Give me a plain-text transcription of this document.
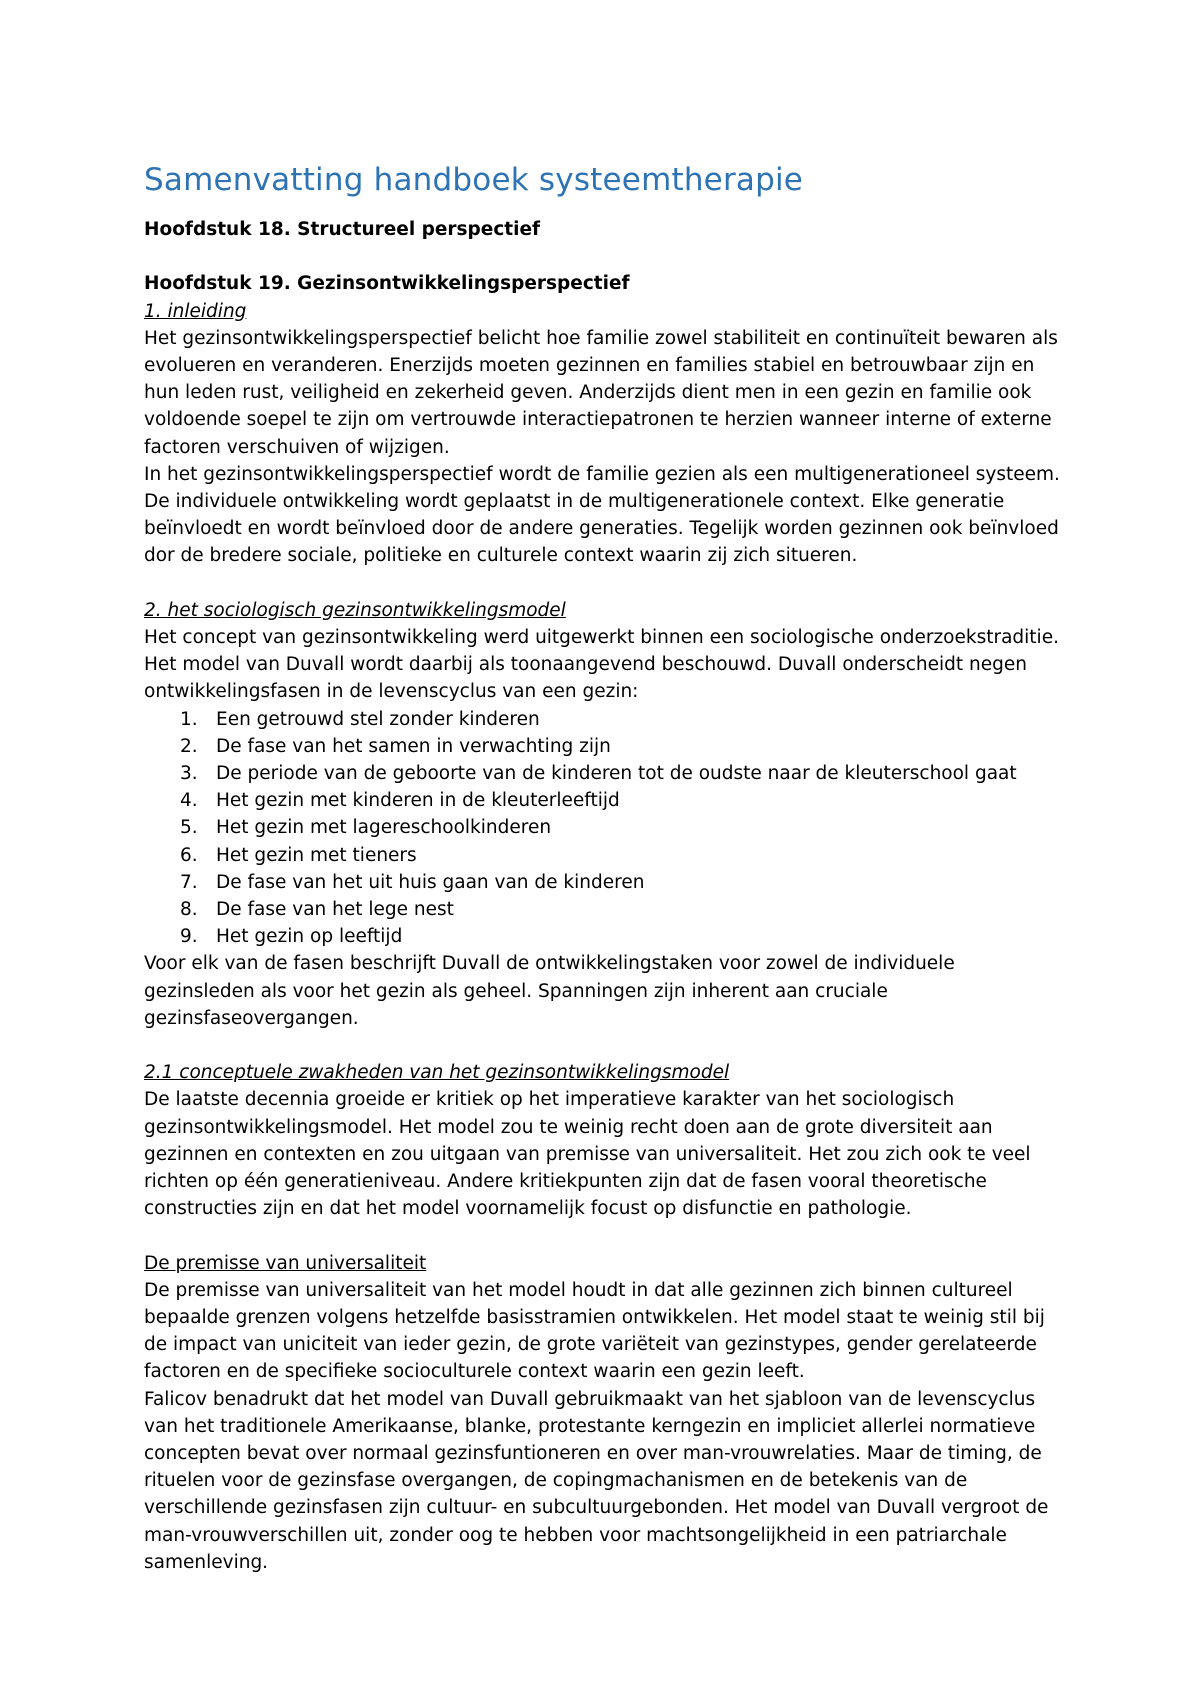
Samenvatting handboek systeemtherapie

Hoofdstuk 18. Structureel perspectief

Hoofdstuk 19. Gezinsontwikkelingsperspectief

1. inleiding

Het gezinsontwikkelingsperspectief belicht hoe familie zowel stabiliteit en continuïteit bewaren als evolueren en veranderen. Enerzijds moeten gezinnen en families stabiel en betrouwbaar zijn en hun leden rust, veiligheid en zekerheid geven. Anderzijds dient men in een gezin en familie ook voldoende soepel te zijn om vertrouwde interactiepatronen te herzien wanneer interne of externe factoren verschuiven of wijzigen.

In het gezinsontwikkelingsperspectief wordt de familie gezien als een multigenerationeel systeem. De individuele ontwikkeling wordt geplaatst in de multigenerationele context. Elke generatie beïnvloedt en wordt beïnvloed door de andere generaties. Tegelijk worden gezinnen ook beïnvloed dor de bredere sociale, politieke en culturele context waarin zij zich situeren.

2. het sociologisch gezinsontwikkelingsmodel

Het concept van gezinsontwikkeling werd uitgewerkt binnen een sociologische onderzoekstraditie. Het model van Duvall wordt daarbij als toonaangevend beschouwd. Duvall onderscheidt negen ontwikkelingsfasen in de levenscyclus van een gezin:

1. Een getrouwd stel zonder kinderen
2. De fase van het samen in verwachting zijn
3. De periode van de geboorte van de kinderen tot de oudste naar de kleuterschool gaat
4. Het gezin met kinderen in de kleuterleeftijd
5. Het gezin met lagereschoolkinderen
6. Het gezin met tieners
7. De fase van het uit huis gaan van de kinderen
8. De fase van het lege nest
9. Het gezin op leeftijd

Voor elk van de fasen beschrijft Duvall de ontwikkelingstaken voor zowel de individuele gezinsleden als voor het gezin als geheel. Spanningen zijn inherent aan cruciale gezinsfaseovergangen.

2.1 conceptuele zwakheden van het gezinsontwikkelingsmodel

De laatste decennia groeide er kritiek op het imperatieve karakter van het sociologisch gezinsontwikkelingsmodel. Het model zou te weinig recht doen aan de grote diversiteit aan gezinnen en contexten en zou uitgaan van premisse van universaliteit. Het zou zich ook te veel richten op één generatieniveau. Andere kritiekpunten zijn dat de fasen vooral theoretische constructies zijn en dat het model voornamelijk focust op disfunctie en pathologie.

De premisse van universaliteit

De premisse van universaliteit van het model houdt in dat alle gezinnen zich binnen cultureel bepaalde grenzen volgens hetzelfde basisstramien ontwikkelen. Het model staat te weinig stil bij de impact van uniciteit van ieder gezin, de grote variëteit van gezinstypes, gender gerelateerde factoren en de specifieke socioculturele context waarin een gezin leeft.

Falicov benadrukt dat het model van Duvall gebruikmaakt van het sjabloon van de levenscyclus van het traditionele Amerikaanse, blanke, protestante kerngezin en impliciet allerlei normatieve concepten bevat over normaal gezinsfuntioneren en over man-vrouwrelaties. Maar de timing, de rituelen voor de gezinsfase overgangen, de copingmachanismen en de betekenis van de verschillende gezinsfasen zijn cultuur- en subcultuurgebonden. Het model van Duvall vergroot de man-vrouwverschillen uit, zonder oog te hebben voor machtsongelijkheid in een patriarchale samenleving.
